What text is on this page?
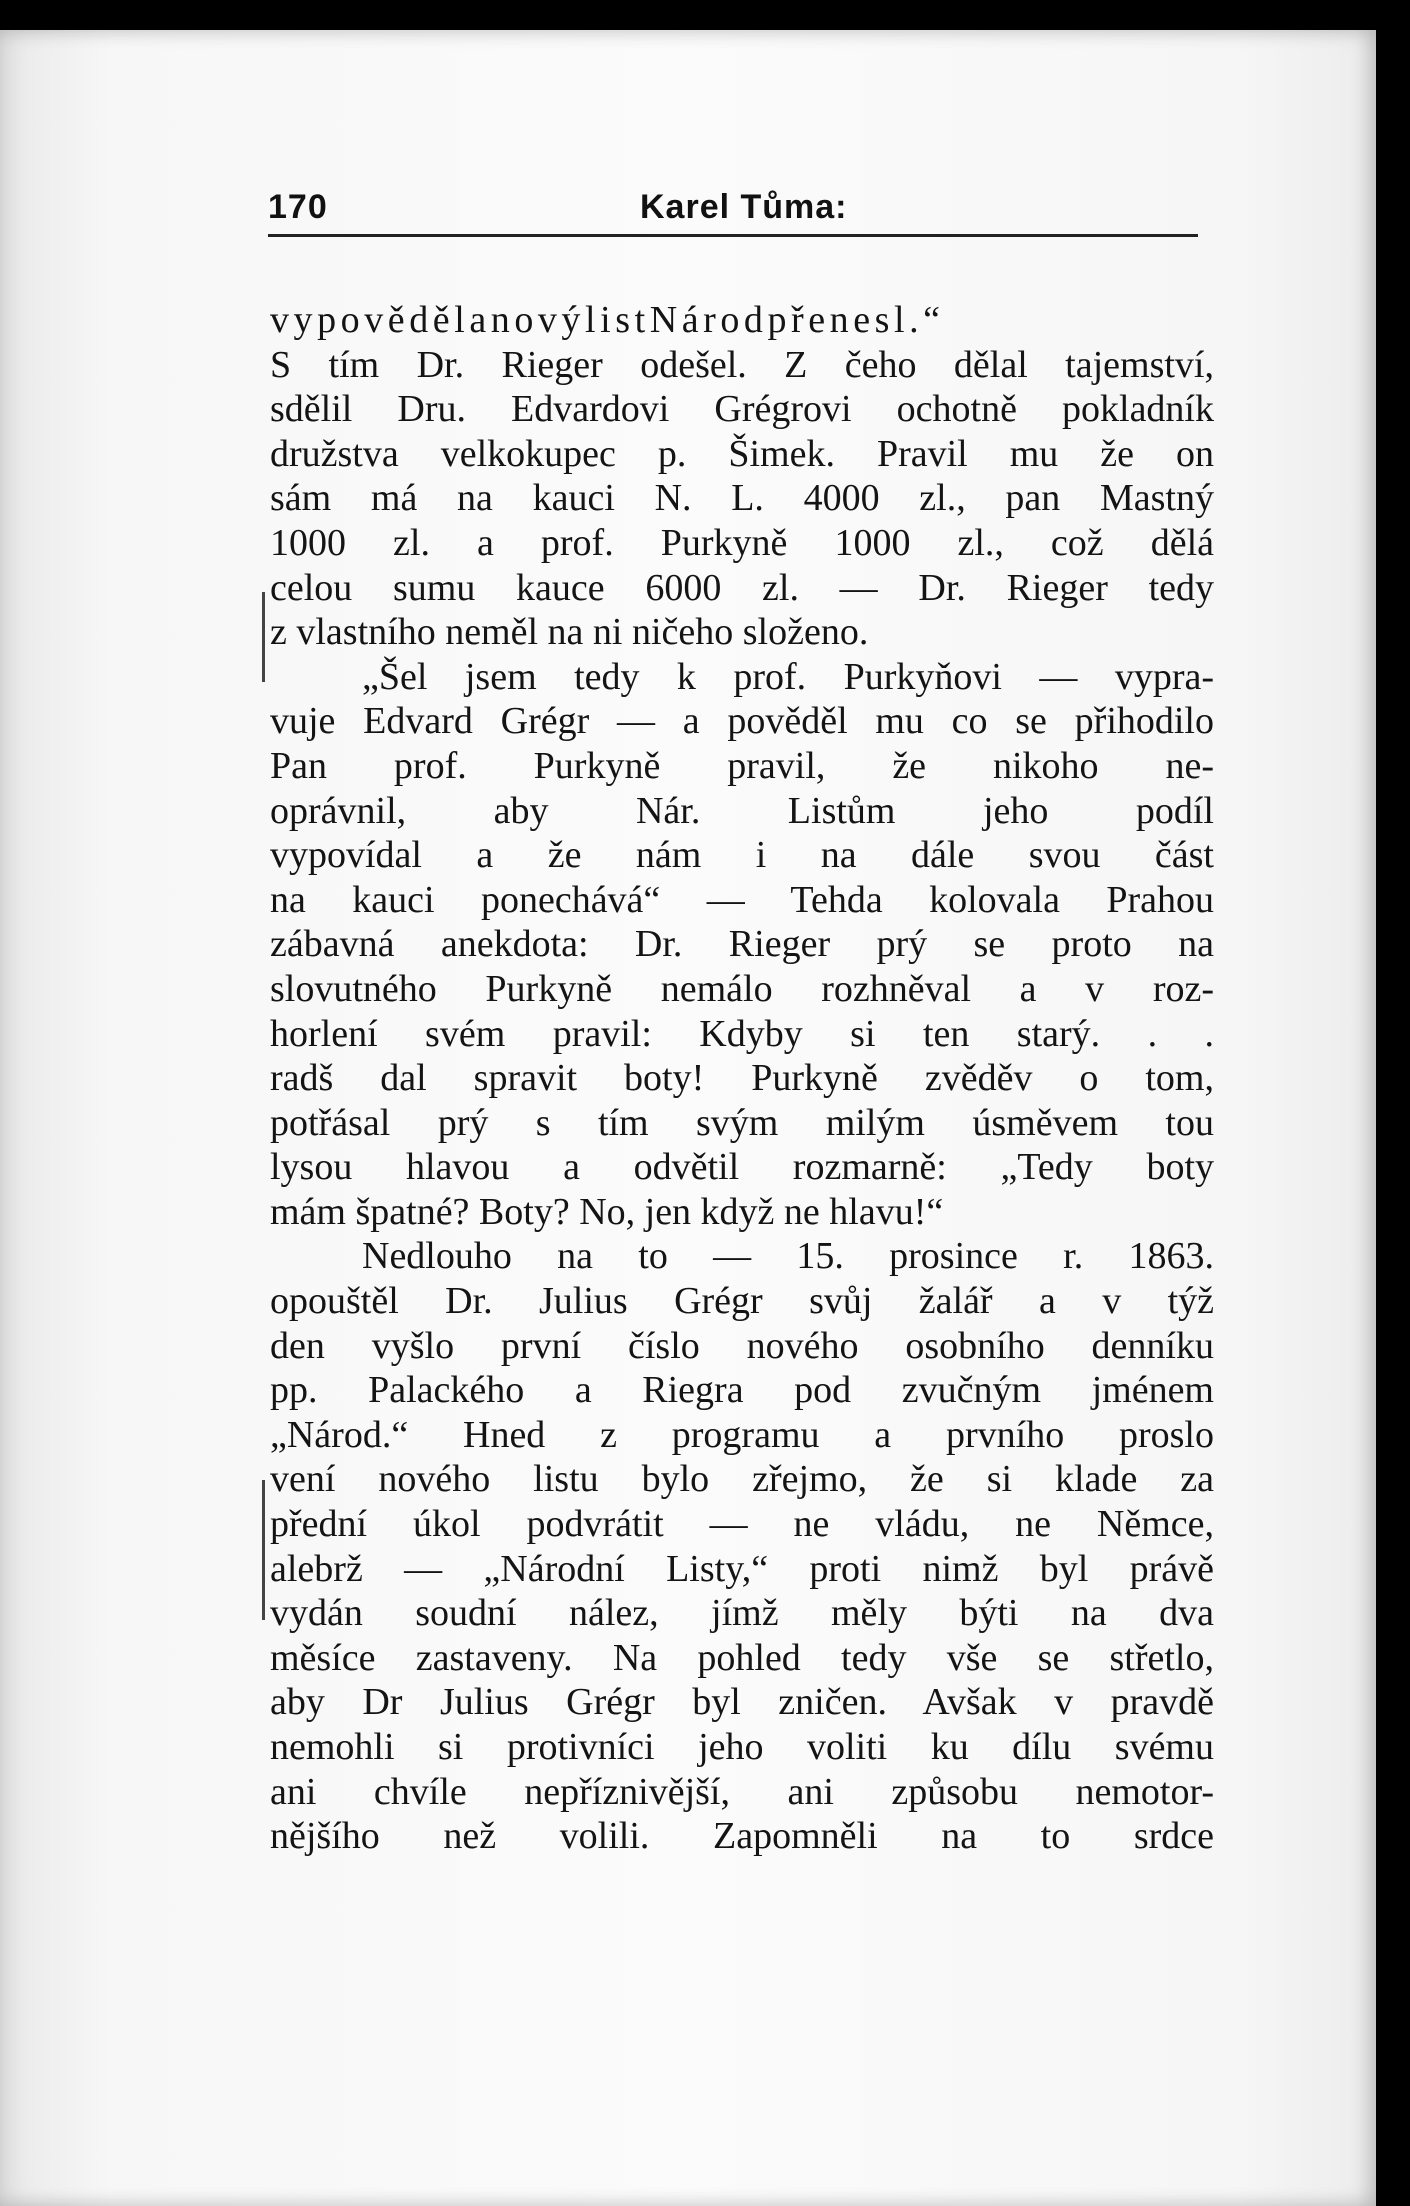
170	Karel Tůma:
vypovědělanovýlistNárodpřenesl.“
S tím Dr. Rieger odešel. Z čeho dělal tajemství,
sdělil Dru. Edvardovi Grégrovi ochotně pokladník
družstva velkokupec p. Šimek. Pravil mu že on
sám má na kauci N. L. 4000 zl., pan Mastný
1000 zl. a prof. Purkyně 1000 zl., což dělá
celou sumu kauce 6000 zl. — Dr. Rieger tedy
z vlastního neměl na ni ničeho složeno.
„Šel jsem tedy k prof. Purkyňovi — vypra-
vuje Edvard Grégr — a pověděl mu co se přihodilo
Pan prof. Purkyně pravil, že nikoho ne-
oprávnil, aby Nár. Listům jeho podíl
vypovídal a že nám i na dále svou část
na kauci ponechává“ — Tehda kolovala Prahou
zábavná anekdota: Dr. Rieger prý se proto na
slovutného Purkyně nemálo rozhněval a v roz-
horlení svém pravil: Kdyby si ten starý. . .
radš dal spravit boty! Purkyně zvěděv o tom,
potřásal prý s tím svým milým úsměvem tou
lysou hlavou a odvětil rozmarně: „Tedy boty
mám špatné? Boty? No, jen když ne hlavu!“
Nedlouho na to — 15. prosince r. 1863.
opouštěl Dr. Julius Grégr svůj žalář a v týž
den vyšlo první číslo nového osobního denníku
pp. Palackého a Riegra pod zvučným jménem
„Národ.“ Hned z programu a prvního proslo
vení nového listu bylo zřejmo, že si klade za
přední úkol podvrátit — ne vládu, ne Němce,
alebrž — „Národní Listy,“ proti nimž byl právě
vydán soudní nález, jímž měly býti na dva
měsíce zastaveny. Na pohled tedy vše se střetlo,
aby Dr Julius Grégr byl zničen. Avšak v pravdě
nemohli si protivníci jeho voliti ku dílu svému
ani chvíle nepříznivější, ani způsobu nemotor-
nějšího než volili. Zapomněli na to srdce
